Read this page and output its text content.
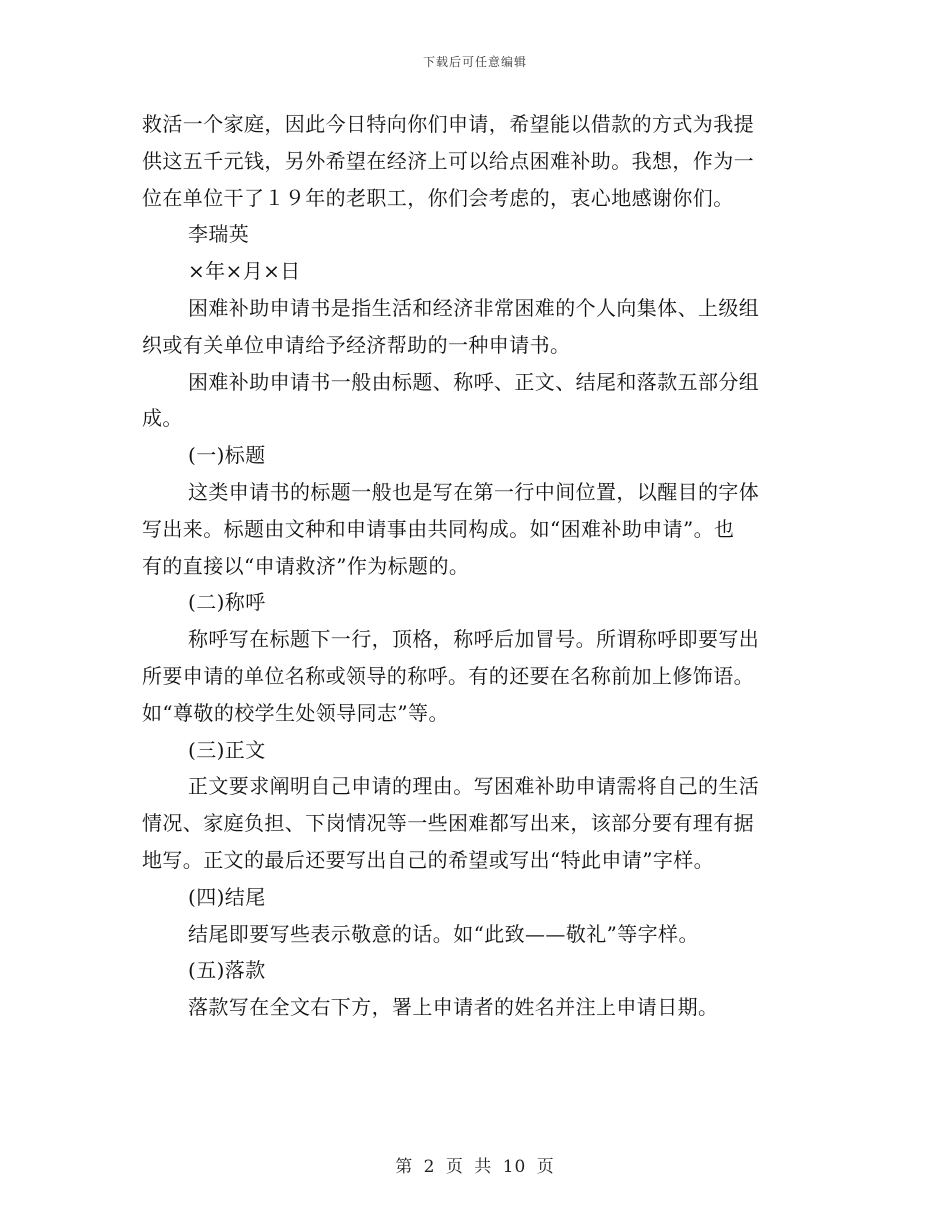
下载后可任意编辑
救活一个家庭，因此今日特向你们申请，希望能以借款的方式为我提
供这五千元钱，另外希望在经济上可以给点困难补助。我想，作为一
位在单位干了１９年的老职工，你们会考虑的，衷心地感谢你们。
李瑞英
×年×月×日
困难补助申请书是指生活和经济非常困难的个人向集体、上级组
织或有关单位申请给予经济帮助的一种申请书。
困难补助申请书一般由标题、称呼、正文、结尾和落款五部分组
成。
(一)标题
这类申请书的标题一般也是写在第一行中间位置，以醒目的字体
写出来。标题由文种和申请事由共同构成。如“困难补助申请”。也
有的直接以“申请救济”作为标题的。
(二)称呼
称呼写在标题下一行，顶格，称呼后加冒号。所谓称呼即要写出
所要申请的单位名称或领导的称呼。有的还要在名称前加上修饰语。
如“尊敬的校学生处领导同志”等。
(三)正文
正文要求阐明自己申请的理由。写困难补助申请需将自己的生活
情况、家庭负担、下岗情况等一些困难都写出来，该部分要有理有据
地写。正文的最后还要写出自己的希望或写出“特此申请”字样。
(四)结尾
结尾即要写些表示敬意的话。如“此致——敬礼”等字样。
(五)落款
落款写在全文右下方，署上申请者的姓名并注上申请日期。
第 2 页 共 10 页
